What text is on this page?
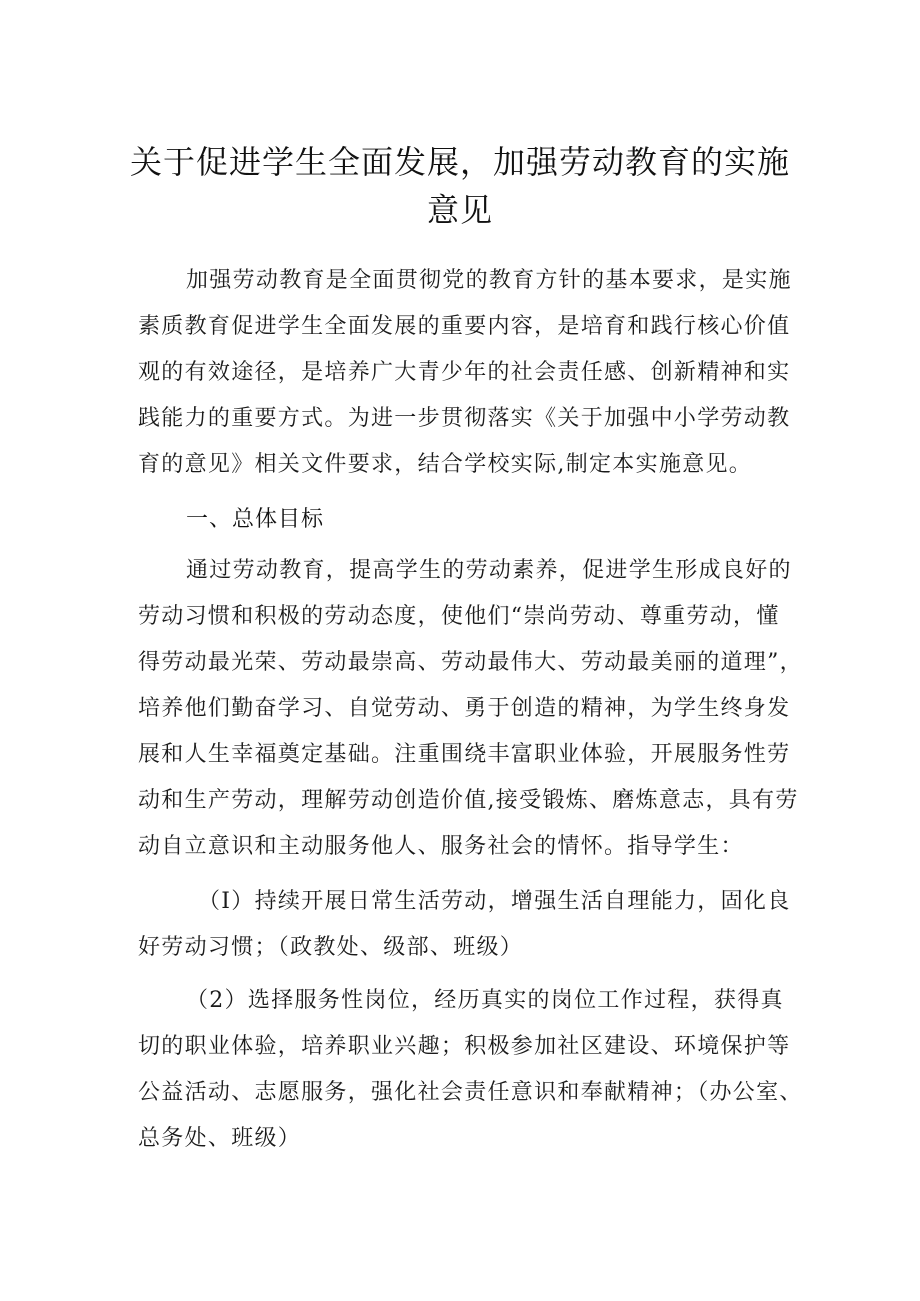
关于促进学生全面发展，加强劳动教育的实施
意见
加强劳动教育是全面贯彻党的教育方针的基本要求，是实施
素质教育促进学生全面发展的重要内容，是培育和践行核心价值
观的有效途径，是培养广大青少年的社会责任感、创新精神和实
践能力的重要方式。为进一步贯彻落实《关于加强中小学劳动教
育的意见》相关文件要求，结合学校实际,制定本实施意见。
一、总体目标
通过劳动教育，提高学生的劳动素养，促进学生形成良好的
劳动习惯和积极的劳动态度，使他们“崇尚劳动、尊重劳动，懂
得劳动最光荣、劳动最崇高、劳动最伟大、劳动最美丽的道理”，
培养他们勤奋学习、自觉劳动、勇于创造的精神，为学生终身发
展和人生幸福奠定基础。注重围绕丰富职业体验，开展服务性劳
动和生产劳动，理解劳动创造价值,接受锻炼、磨炼意志，具有劳
动自立意识和主动服务他人、服务社会的情怀。指导学生：
（I）持续开展日常生活劳动，增强生活自理能力，固化良
好劳动习惯；（政教处、级部、班级）
（2）选择服务性岗位，经历真实的岗位工作过程，获得真
切的职业体验，培养职业兴趣；积极参加社区建设、环境保护等
公益活动、志愿服务，强化社会责任意识和奉献精神；（办公室、
总务处、班级）
